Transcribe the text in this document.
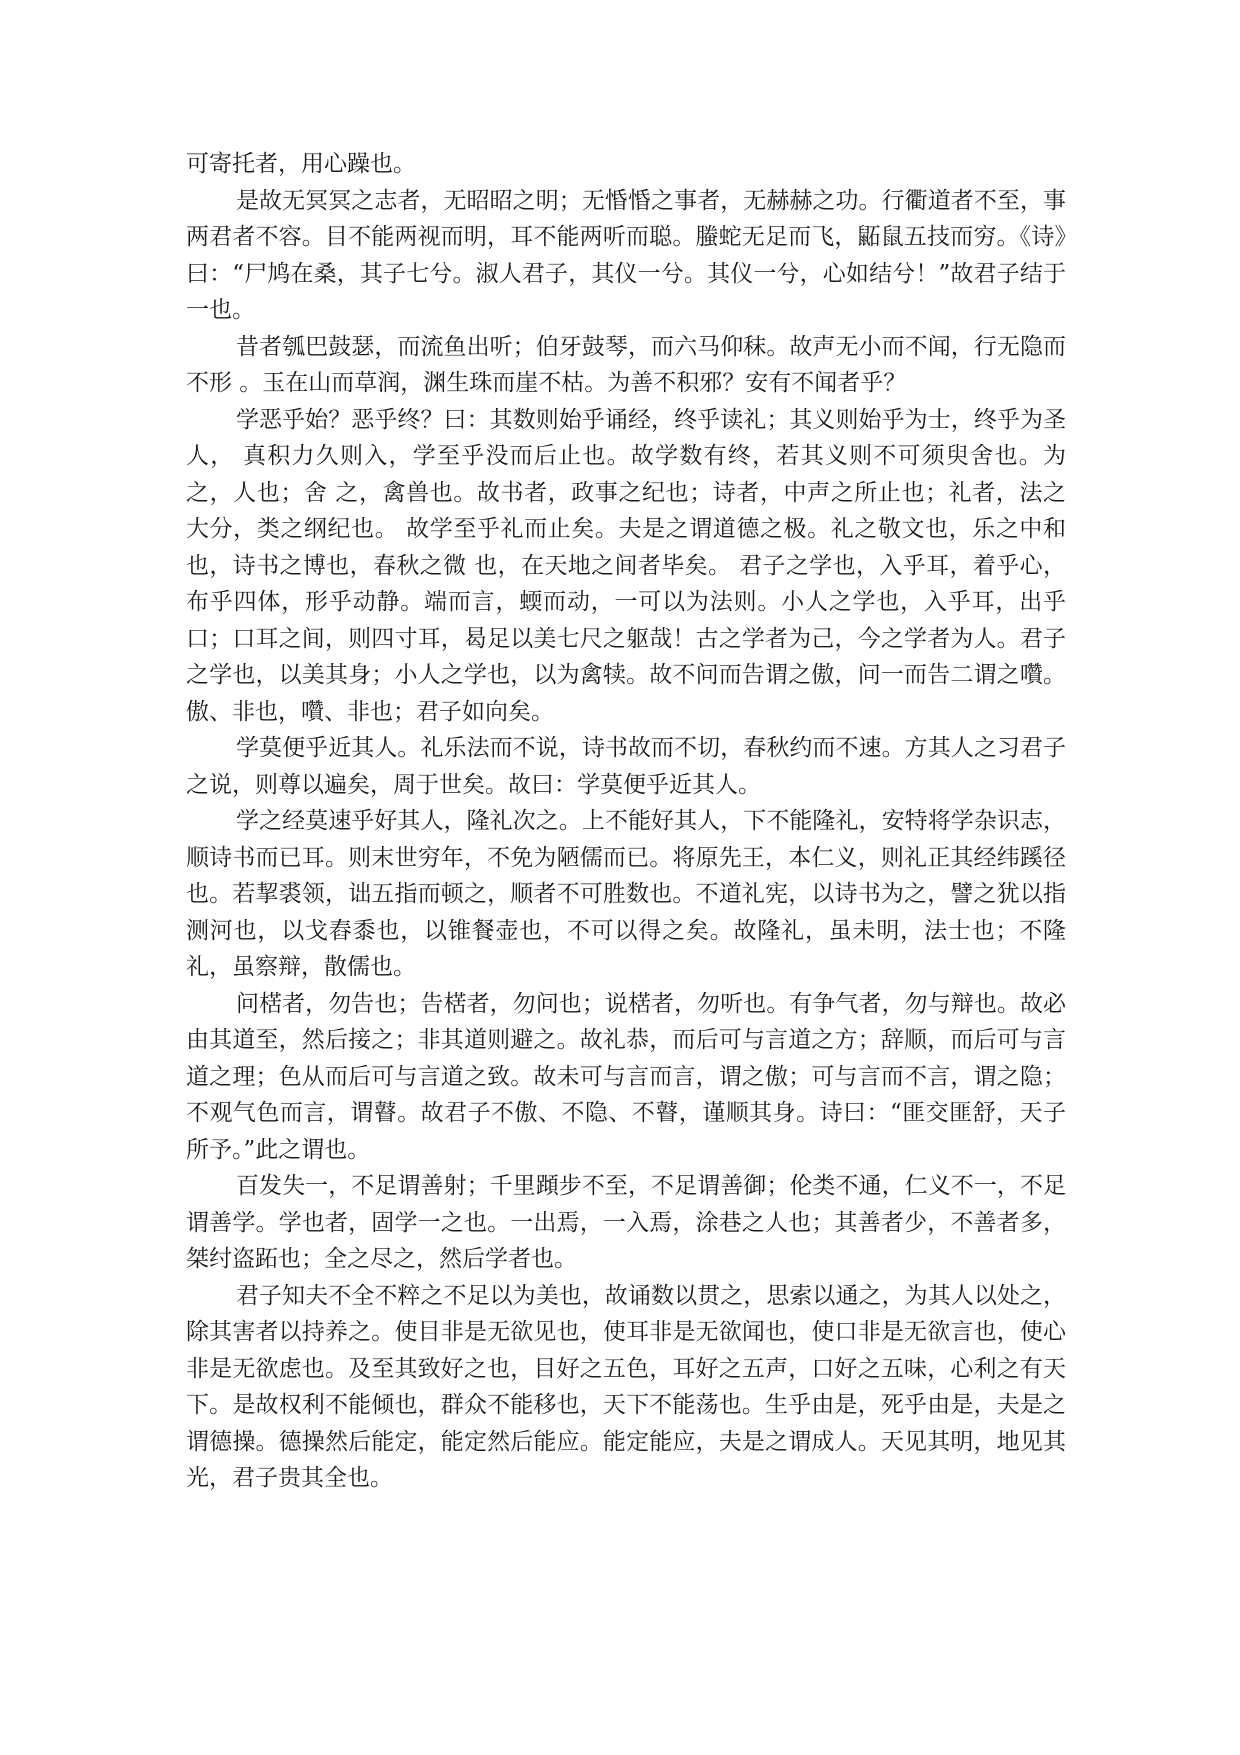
可寄托者，用心躁也。

是故无冥冥之志者，无昭昭之明；无惛惛之事者，无赫赫之功。行衢道者不至，事两君者不容。目不能两视而明，耳不能两听而聪。螣蛇无足而飞，鼫鼠五技而穷。《诗》曰：“尸鸠在桑，其子七兮。淑人君子，其仪一兮。其仪一兮，心如结兮！”故君子结于一也。

昔者瓠巴鼓瑟，而流鱼出听；伯牙鼓琴，而六马仰秣。故声无小而不闻，行无隐而不形 。玉在山而草润，渊生珠而崖不枯。为善不积邪？安有不闻者乎？

学恶乎始？恶乎终？曰：其数则始乎诵经，终乎读礼；其义则始乎为士，终乎为圣人， 真积力久则入，学至乎没而后止也。故学数有终，若其义则不可须臾舍也。为之，人也；舍 之，禽兽也。故书者，政事之纪也；诗者，中声之所止也；礼者，法之大分，类之纲纪也。 故学至乎礼而止矣。夫是之谓道德之极。礼之敬文也，乐之中和也，诗书之博也，春秋之微 也，在天地之间者毕矣。 君子之学也，入乎耳，着乎心，布乎四体，形乎动静。端而言，蝡而动，一可以为法则。小人之学也，入乎耳，出乎口；口耳之间，则四寸耳，曷足以美七尺之躯哉！古之学者为己，今之学者为人。君子之学也，以美其身；小人之学也，以为禽犊。故不问而告谓之傲，问一而告二谓之囋。傲、非也，囋、非也；君子如向矣。

学莫便乎近其人。礼乐法而不说，诗书故而不切，春秋约而不速。方其人之习君子之说，则尊以遍矣，周于世矣。故曰：学莫便乎近其人。

学之经莫速乎好其人，隆礼次之。上不能好其人，下不能隆礼，安特将学杂识志，顺诗书而已耳。则末世穷年，不免为陋儒而已。将原先王，本仁义，则礼正其经纬蹊径也。若挈裘领，诎五指而顿之，顺者不可胜数也。不道礼宪，以诗书为之，譬之犹以指测河也，以戈舂黍也，以锥餐壶也，不可以得之矣。故隆礼，虽未明，法士也；不隆礼，虽察辩，散儒也。

问楛者，勿告也；告楛者，勿问也；说楛者，勿听也。有争气者，勿与辩也。故必由其道至，然后接之；非其道则避之。故礼恭，而后可与言道之方；辞顺，而后可与言道之理；色从而后可与言道之致。故未可与言而言，谓之傲；可与言而不言，谓之隐；不观气色而言，谓瞽。故君子不傲、不隐、不瞽，谨顺其身。诗曰：“匪交匪舒，天子所予。”此之谓也。

百发失一，不足谓善射；千里蹞步不至，不足谓善御；伦类不通，仁义不一，不足谓善学。学也者，固学一之也。一出焉，一入焉，涂巷之人也；其善者少，不善者多，桀纣盗跖也；全之尽之，然后学者也。

君子知夫不全不粹之不足以为美也，故诵数以贯之，思索以通之，为其人以处之，除其害者以持养之。使目非是无欲见也，使耳非是无欲闻也，使口非是无欲言也，使心非是无欲虑也。及至其致好之也，目好之五色，耳好之五声，口好之五味，心利之有天下。是故权利不能倾也，群众不能移也，天下不能荡也。生乎由是，死乎由是，夫是之谓德操。德操然后能定，能定然后能应。能定能应，夫是之谓成人。天见其明，地见其光，君子贵其全也。
